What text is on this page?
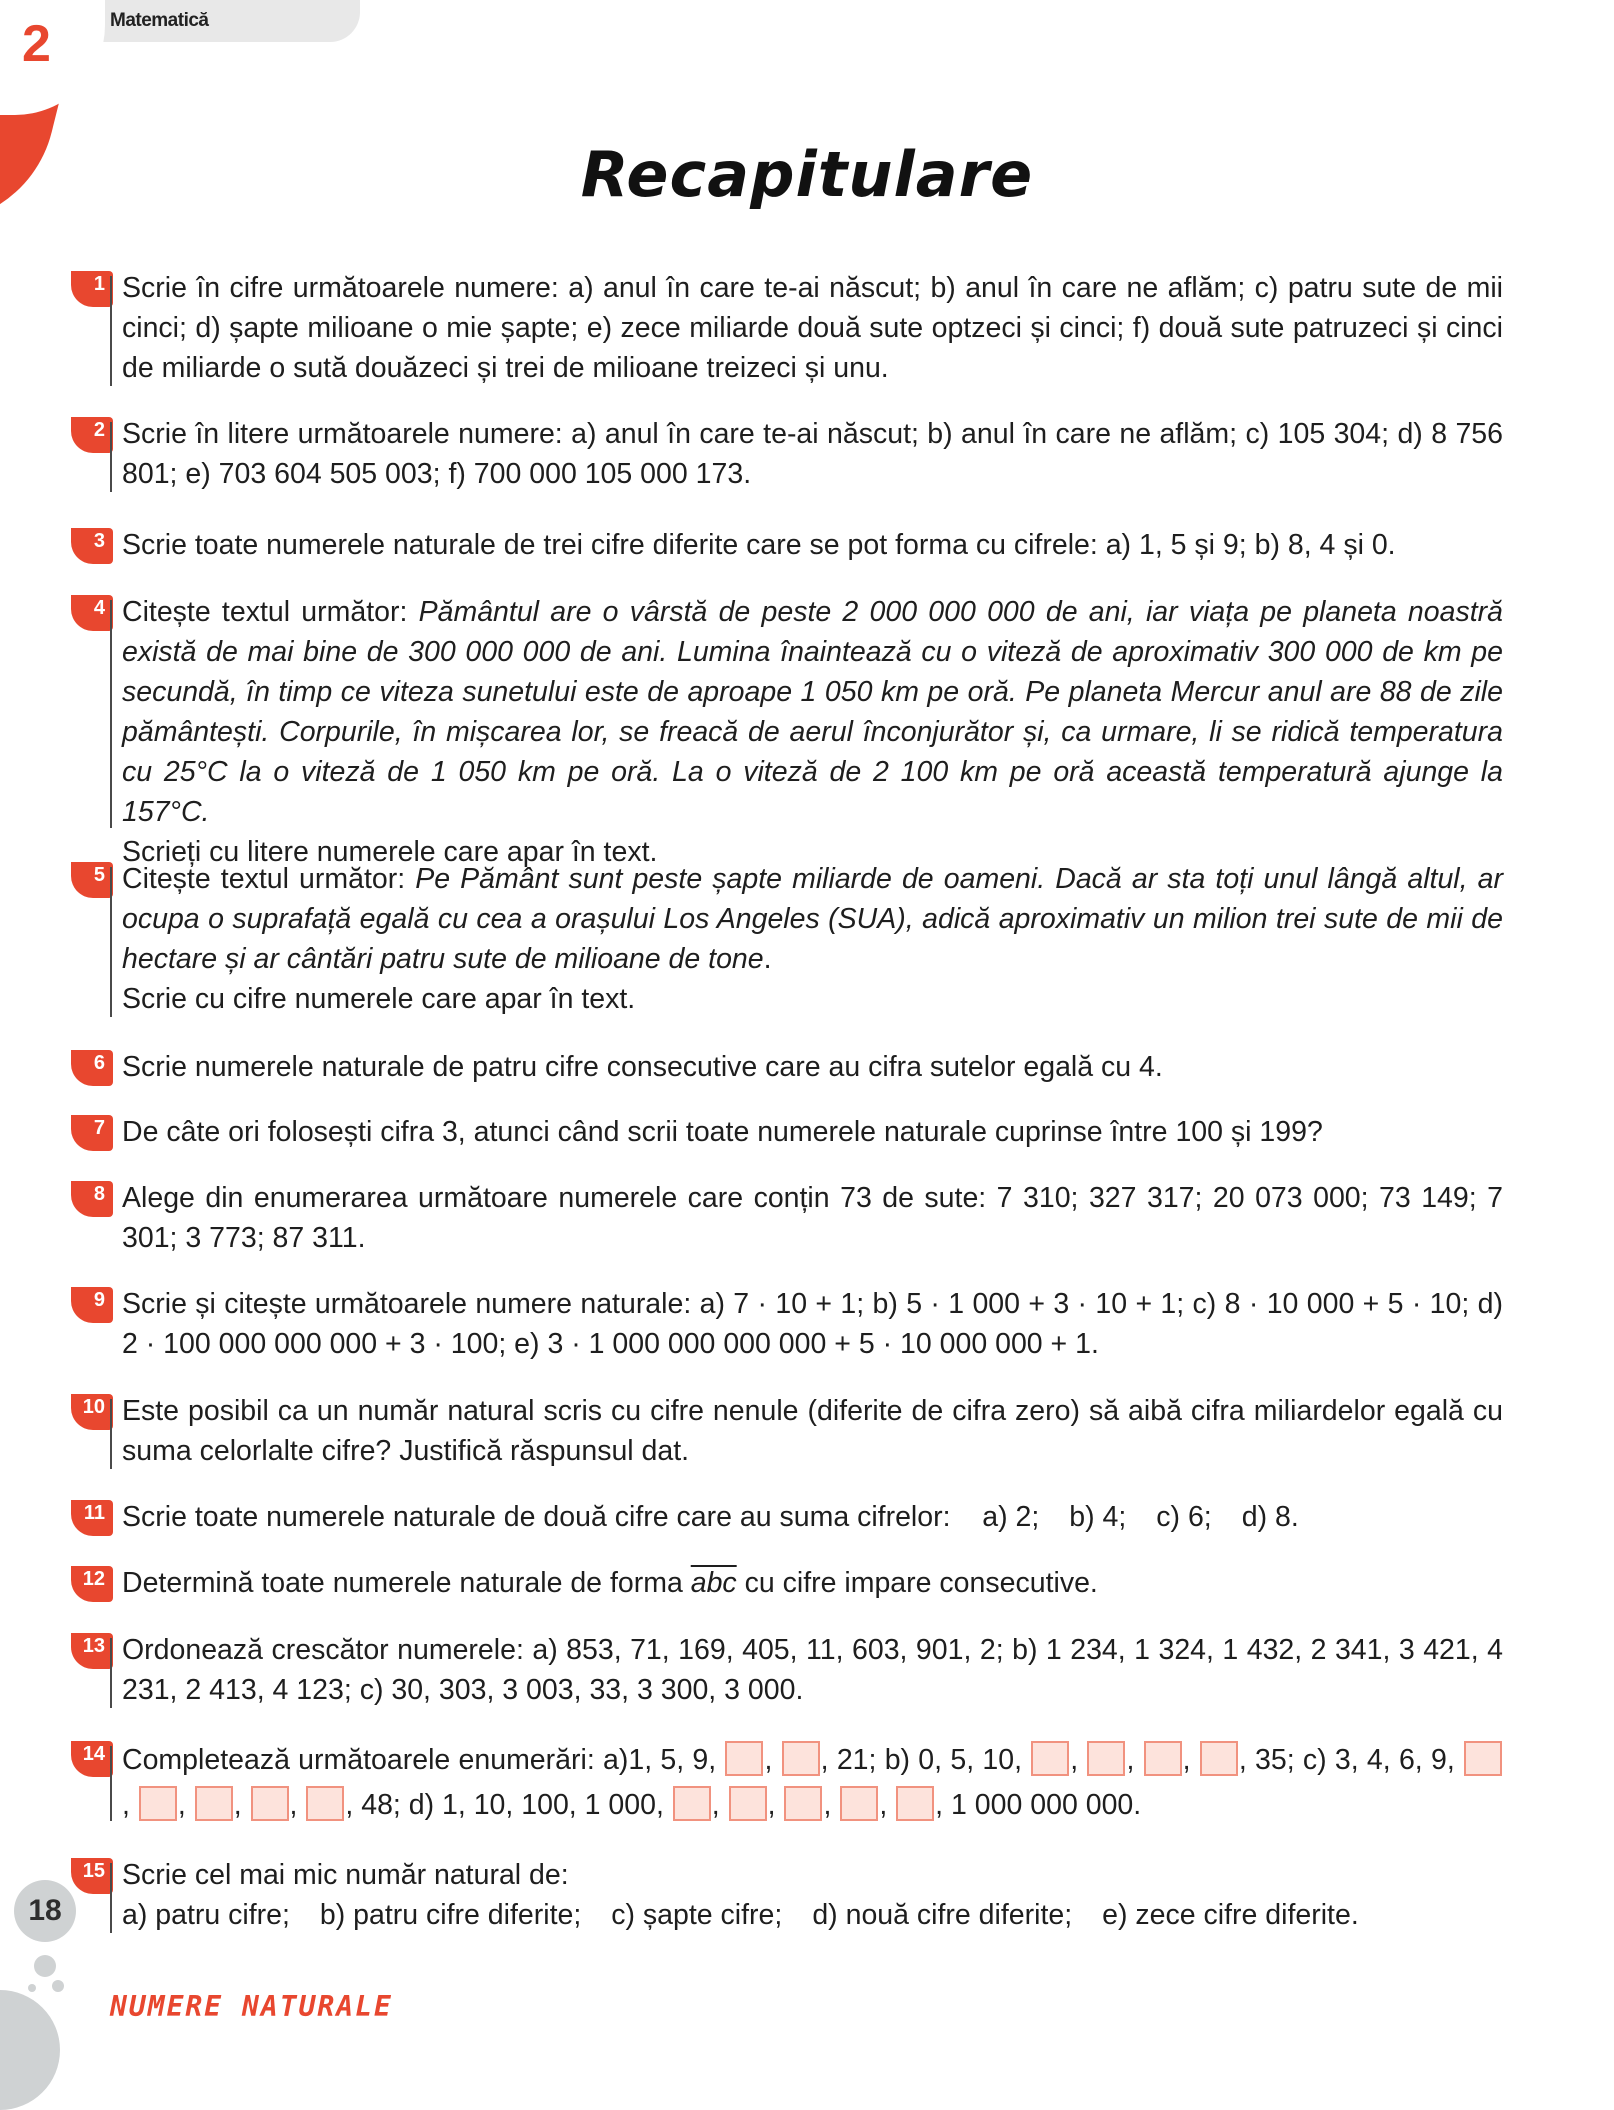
2	Matematică
Recapitulare
1 Scrie în cifre următoarele numere: a) anul în care te-ai născut; b) anul în care ne aflăm; c) patru sute de mii cinci; d) șapte milioane o mie șapte; e) zece miliarde două sute optzeci și cinci; f) două sute patruzeci și cinci de miliarde o sută douăzeci și trei de milioane treizeci și unu.
2 Scrie în litere următoarele numere: a) anul în care te-ai născut; b) anul în care ne aflăm; c) 105 304; d) 8 756 801; e) 703 604 505 003; f) 700 000 105 000 173.
3 Scrie toate numerele naturale de trei cifre diferite care se pot forma cu cifrele: a) 1, 5 și 9; b) 8, 4 și 0.
4 Citește textul următor: Pământul are o vârstă de peste 2 000 000 000 de ani, iar viața pe planeta noastră există de mai bine de 300 000 000 de ani. Lumina înaintează cu o viteză de aproximativ 300 000 de km pe secundă, în timp ce viteza sunetului este de aproape 1 050 km pe oră. Pe planeta Mercur anul are 88 de zile pământești. Corpurile, în mișcarea lor, se freacă de aerul înconjurător și, ca urmare, li se ridică temperatura cu 25°C la o viteză de 1 050 km pe oră. La o viteză de 2 100 km pe oră această temperatură ajunge la 157°C.
Scrieți cu litere numerele care apar în text.
5 Citește textul următor: Pe Pământ sunt peste șapte miliarde de oameni. Dacă ar sta toți unul lângă altul, ar ocupa o suprafață egală cu cea a orașului Los Angeles (SUA), adică aproximativ un milion trei sute de mii de hectare și ar cântări patru sute de milioane de tone.
Scrie cu cifre numerele care apar în text.
6 Scrie numerele naturale de patru cifre consecutive care au cifra sutelor egală cu 4.
7 De câte ori folosești cifra 3, atunci când scrii toate numerele naturale cuprinse între 100 și 199?
8 Alege din enumerarea următoare numerele care conțin 73 de sute: 7 310; 327 317; 20 073 000; 73 149; 7 301; 3 773; 87 311.
9 Scrie și citește următoarele numere naturale: a) 7 · 10 + 1; b) 5 · 1 000 + 3 · 10 + 1; c) 8 · 10 000 + 5 · 10; d) 2 · 100 000 000 000 + 3 · 100; e) 3 · 1 000 000 000 000 + 5 · 10 000 000 + 1.
10 Este posibil ca un număr natural scris cu cifre nenule (diferite de cifra zero) să aibă cifra miliardelor egală cu suma celorlalte cifre? Justifică răspunsul dat.
11 Scrie toate numerele naturale de două cifre care au suma cifrelor: a) 2; b) 4; c) 6; d) 8.
12 Determină toate numerele naturale de forma $\overline{abc}$ cu cifre impare consecutive.
13 Ordonează crescător numerele: a) 853, 71, 169, 405, 11, 603, 901, 2; b) 1 234, 1 324, 1 432, 2 341, 3 421, 4 231, 2 413, 4 123; c) 30, 303, 3 003, 33, 3 300, 3 000.
14 Completează următoarele enumerări: a)1, 5, 9, , , 21; b) 0, 5, 10, , , , , 35; c) 3, 4, 6, 9, , , , , , 48; d) 1, 10, 100, 1 000, , , , , , 1 000 000 000.
15 Scrie cel mai mic număr natural de:
a) patru cifre; b) patru cifre diferite; c) șapte cifre; d) nouă cifre diferite; e) zece cifre diferite.
18
NUMERE NATURALE
